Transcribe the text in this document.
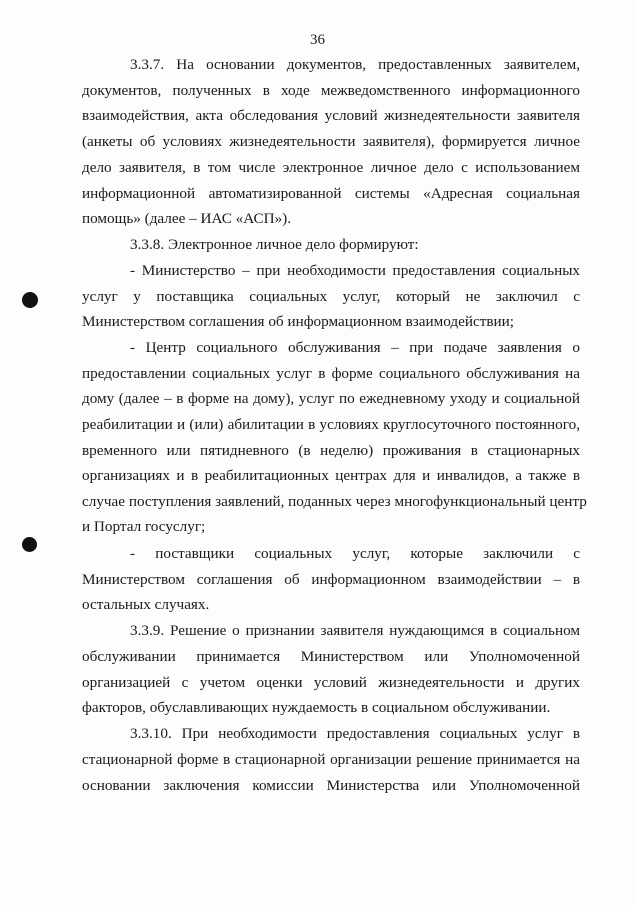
36
3.3.7. На основании документов, предоставленных заявителем,
документов, полученных в ходе межведомственного информационного
взаимодействия, акта обследования условий жизнедеятельности заявителя
(анкеты об условиях жизнедеятельности заявителя), формируется личное
дело заявителя, в том числе электронное личное дело с использованием
информационной автоматизированной системы «Адресная социальная
помощь» (далее – ИАС «АСП»).
3.3.8. Электронное личное дело формируют:
- Министерство – при необходимости предоставления социальных
услуг у поставщика социальных услуг, который не заключил с
Министерством соглашения об информационном взаимодействии;
- Центр социального обслуживания – при подаче заявления о
предоставлении социальных услуг в форме социального обслуживания на
дому (далее – в форме на дому), услуг по ежедневному уходу и социальной
реабилитации и (или) абилитации в условиях круглосуточного постоянного,
временного или пятидневного (в неделю) проживания в стационарных
организациях и в реабилитационных центрах для и инвалидов, а также в
случае поступления заявлений, поданных через многофункциональный центр
и Портал госуслуг;
- поставщики социальных услуг, которые заключили с
Министерством соглашения об информационном взаимодействии – в
остальных случаях.
3.3.9. Решение о признании заявителя нуждающимся в социальном
обслуживании принимается Министерством или Уполномоченной
организацией с учетом оценки условий жизнедеятельности и других
факторов, обуславливающих нуждаемость в социальном обслуживании.
3.3.10. При необходимости предоставления социальных услуг в
стационарной форме в стационарной организации решение принимается на
основании заключения комиссии Министерства или Уполномоченной
